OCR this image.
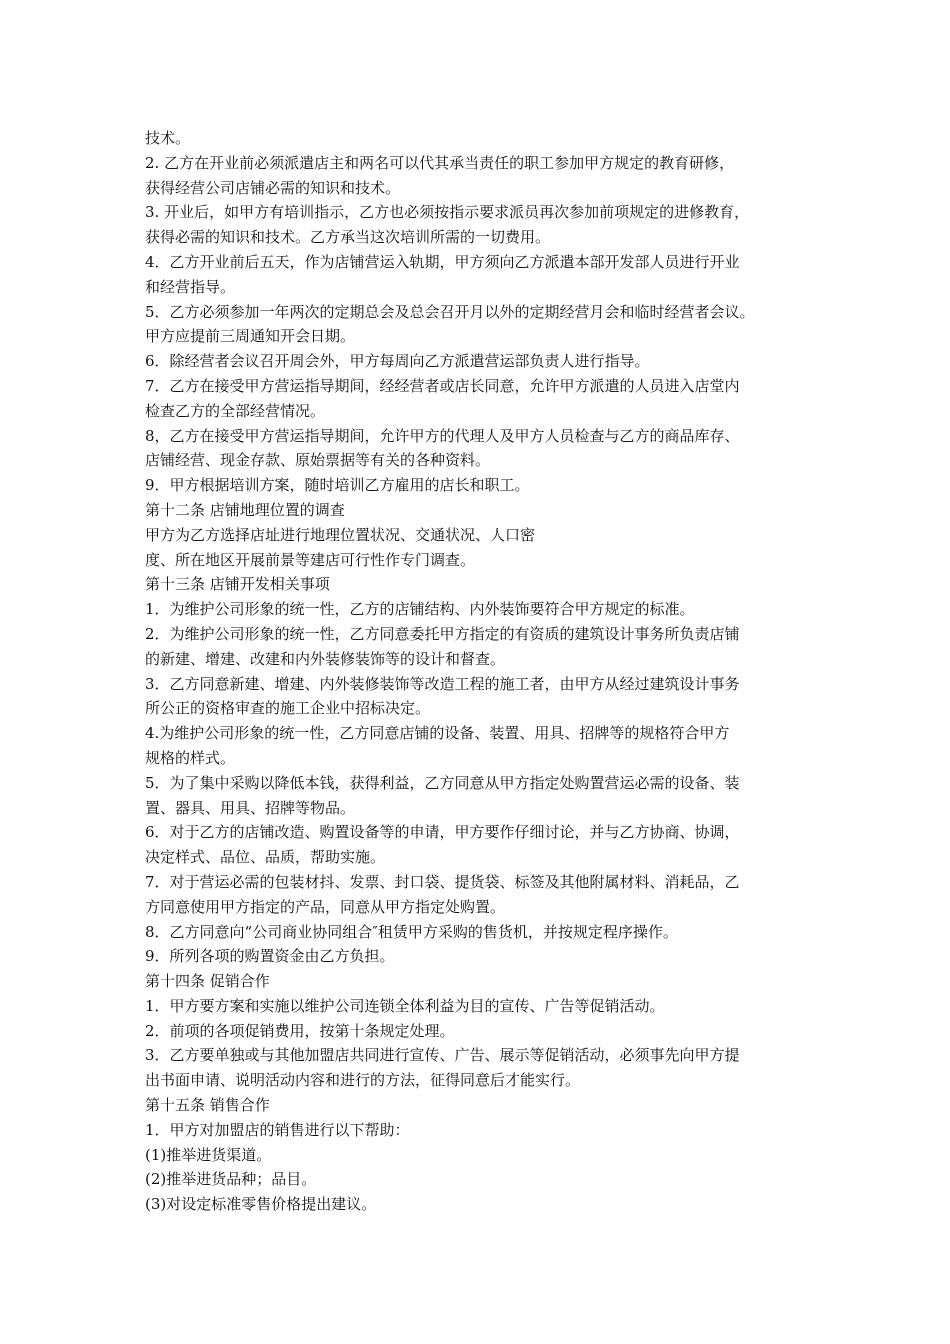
技术。

2. 乙方在开业前必须派遣店主和两名可以代其承当责任的职工参加甲方规定的教育研修，

获得经营公司店铺必需的知识和技术。

3. 开业后，如甲方有培训指示，乙方也必须按指示要求派员再次参加前项规定的进修教育，

获得必需的知识和技术。乙方承当这次培训所需的一切费用。

4．乙方开业前后五天，作为店铺营运入轨期，甲方须向乙方派遣本部开发部人员进行开业

和经营指导。

5．乙方必须参加一年两次的定期总会及总会召开月以外的定期经营月会和临时经营者会议。

甲方应提前三周通知开会日期。

6．除经营者会议召开周会外，甲方每周向乙方派遣营运部负责人进行指导。

7．乙方在接受甲方营运指导期间，经经营者或店长同意，允许甲方派遣的人员进入店堂内

检查乙方的全部经营情况。

8，乙方在接受甲方营运指导期间，允许甲方的代理人及甲方人员检查与乙方的商品库存、

店铺经营、现金存款、原始票据等有关的各种资料。

9．甲方根据培训方案，随时培训乙方雇用的店长和职工。

第十二条 店铺地理位置的调查

甲方为乙方选择店址进行地理位置状况、交通状况、人口密

度、所在地区开展前景等建店可行性作专门调查。

第十三条 店铺开发相关事项

1．为维护公司形象的统一性，乙方的店铺结构、内外装饰要符合甲方规定的标准。

2．为维护公司形象的统一性，乙方同意委托甲方指定的有资质的建筑设计事务所负责店铺

的新建、增建、改建和内外装修装饰等的设计和督查。

3．乙方同意新建、增建、内外装修装饰等改造工程的施工者，由甲方从经过建筑设计事务

所公正的资格审查的施工企业中招标决定。

4.为维护公司形象的统一性，乙方同意店铺的设备、装置、用具、招牌等的规格符合甲方

规格的样式。

5．为了集中采购以降低本钱，获得利益，乙方同意从甲方指定处购置营运必需的设备、装

置、器具、用具、招牌等物品。

6．对于乙方的店铺改造、购置设备等的申请，甲方要作仔细讨论，并与乙方协商、协调，

决定样式、品位、品质，帮助实施。

7．对于营运必需的包装材抖、发票、封口袋、提货袋、标签及其他附属材料、消耗品，乙

方同意使用甲方指定的产品，同意从甲方指定处购置。

8．乙方同意向“公司商业协同组合″租赁甲方采购的售货机，并按规定程序操作。

9．所列各项的购置资金由乙方负担。

第十四条 促销合作

1．甲方要方案和实施以维护公司连锁全体利益为目的宣传、广告等促销活动。

2．前项的各项促销费用，按第十条规定处理。

3．乙方要单独或与其他加盟店共同进行宣传、广告、展示等促销活动，必须事先向甲方提

出书面申请、说明活动内容和进行的方法，征得同意后才能实行。

第十五条 销售合作

1．甲方对加盟店的销售进行以下帮助：

(1)推举进货渠道。

(2)推举进货品种；品目。

(3)对设定标准零售价格提出建议。
